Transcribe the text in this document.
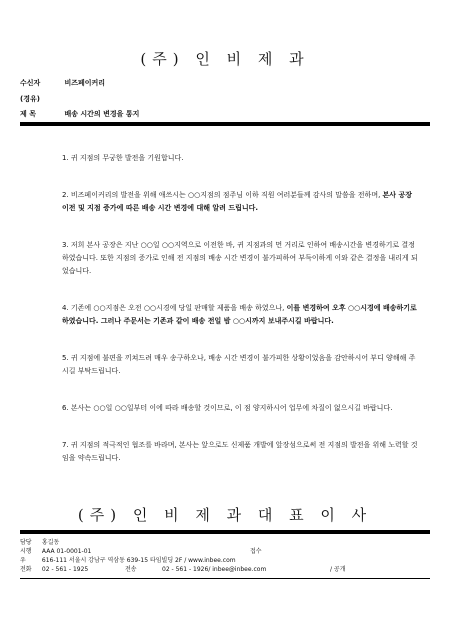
(주) 인 비 제 과
수신자	비즈페이커리
(경유)
제 목	배송 시간의 변경을 통지
1. 귀 지점의 무궁한 발전을 기원합니다.
2. 비즈페이커리의 발전을 위해 애쓰시는 ○○지점의 점주님 이하 직원 여러분들께 감사의 말씀을 전하며, 본사 공장 이전 및 지점 증가에 따른 배송 시간 변경에 대해 알려 드립니다.
3. 저희 본사 공장은 지난 ○○일 ○○지역으로 이전한 바, 귀 지점과의 먼 거리로 인하여 배송시간을 변경하기로 결정하였습니다. 또한 지점의 증가로 인해 전 지점의 배송 시간 변경이 불가피하여 부득이하게 이와 같은 결정을 내리게 되었습니다.
4. 기존에 ○○지점은 오전 ○○시경에 당일 판매할 제품을 배송 하였으나, 이를 변경하여 오후 ○○시경에 배송하기로 하였습니다. 그러나 주문서는 기존과 같이 배송 전일 밤 ○○시까지 보내주시길 바랍니다.
5. 귀 지점에 불편을 끼쳐드려 매우 송구하오나, 배송 시간 변경이 불가피한 상황이었음을 감안하시어 부디 양해해 주시길 부탁드립니다.
6. 본사는 ○○일 ○○일부터 이에 따라 배송할 것이므로, 이 점 양지하시어 업무에 차질이 없으시길 바랍니다.
7. 귀 지점의 적극적인 협조를 바라며, 본사는 앞으로도 신제품 개발에 앞장섬으로써 전 지점의 발전을 위해 노력할 것임을 약속드립니다.
(주) 인 비 제 과 대 표 이 사
담당 홍길동
시행 AAA 01-0001-01	접수
우	616-111 서울시 강남구 역삼동 639-15 타임빌딩 2F / www.inbee.com
전화 02 - 561 - 1925	전송	02 - 561 - 1926/ inbee@inbee.com	/ 공개
